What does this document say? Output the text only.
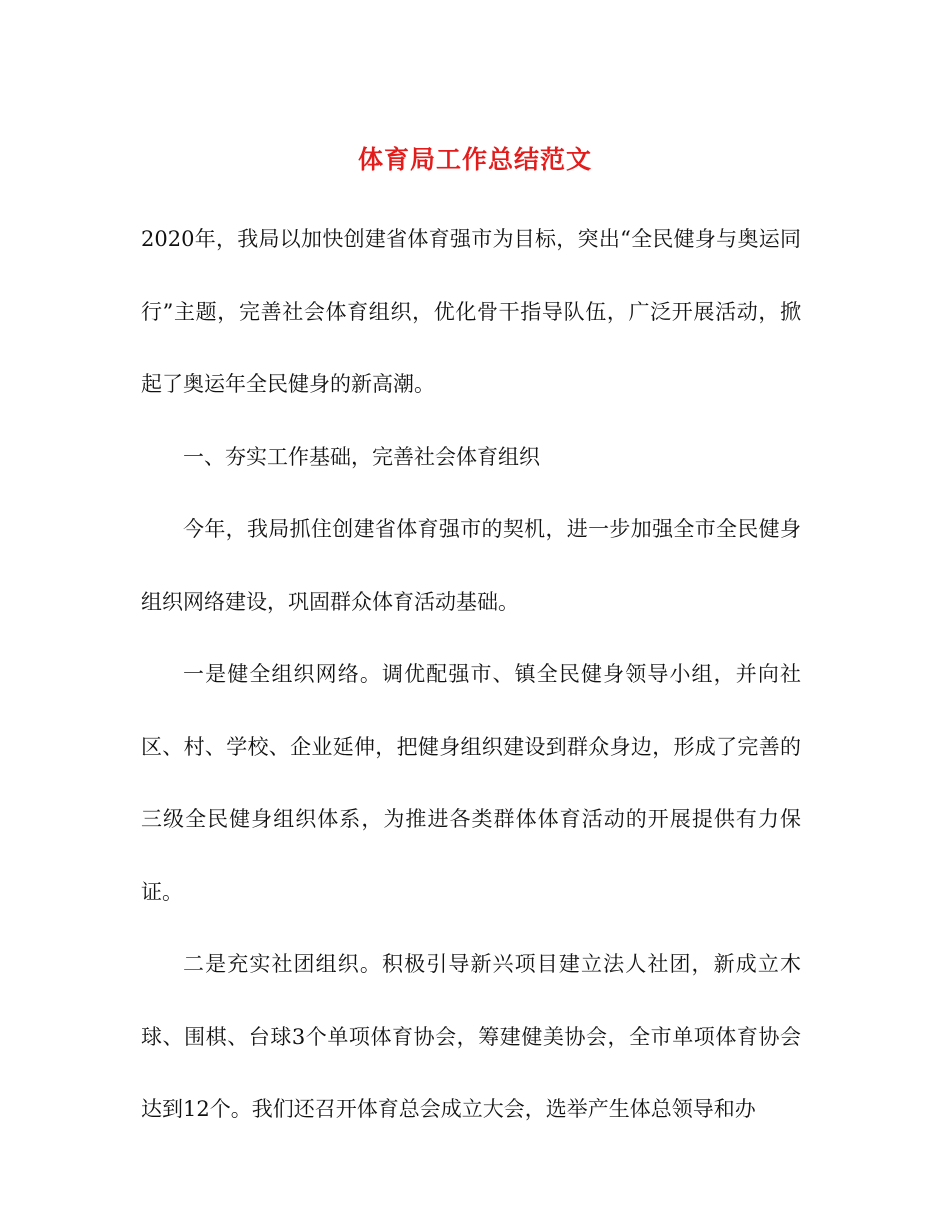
体育局工作总结范文

2020年，我局以加快创建省体育强市为目标，突出“全民健身与奥运同行”主题，完善社会体育组织，优化骨干指导队伍，广泛开展活动，掀起了奥运年全民健身的新高潮。

一、夯实工作基础，完善社会体育组织

今年，我局抓住创建省体育强市的契机，进一步加强全市全民健身组织网络建设，巩固群众体育活动基础。

一是健全组织网络。调优配强市、镇全民健身领导小组，并向社区、村、学校、企业延伸，把健身组织建设到群众身边，形成了完善的三级全民健身组织体系，为推进各类群体体育活动的开展提供有力保证。

二是充实社团组织。积极引导新兴项目建立法人社团，新成立木球、围棋、台球3个单项体育协会，筹建健美协会，全市单项体育协会达到12个。我们还召开体育总会成立大会，选举产生体总领导和办
